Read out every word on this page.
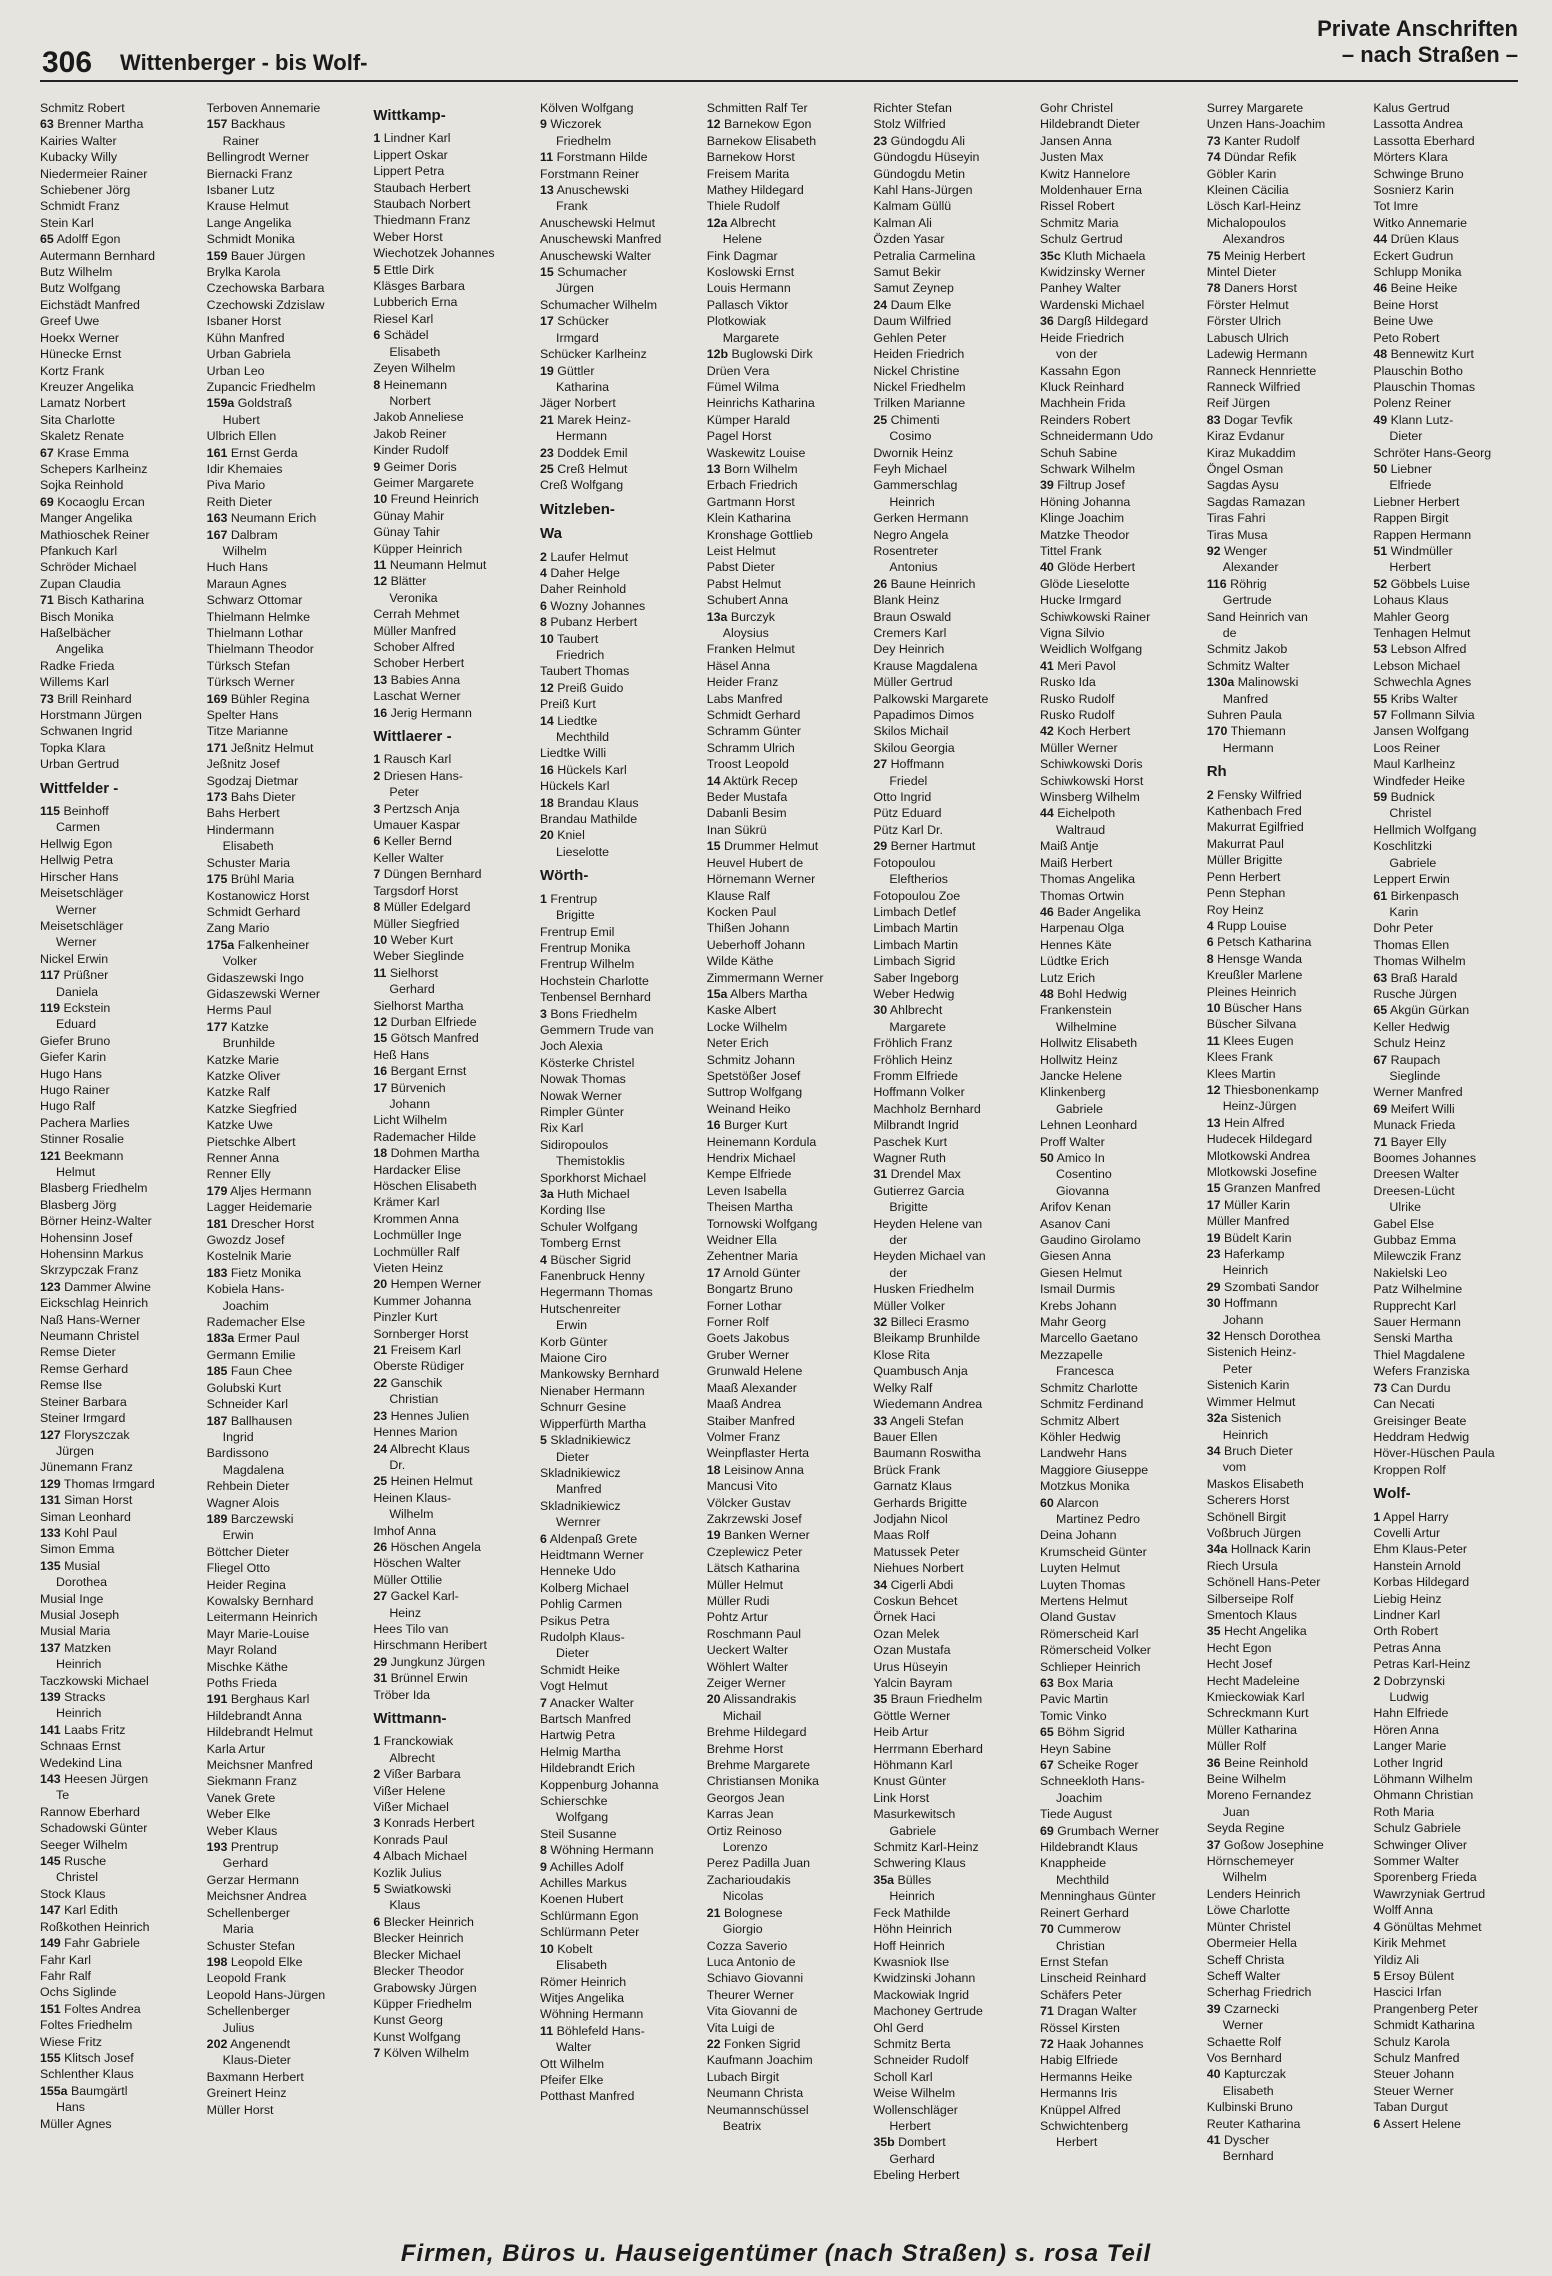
306 Wittenberger - bis Wolf-
Private Anschriften
– nach Straßen –
Schmitz Robert
63 Brenner Martha
Kairies Walter
Kubacky Willy
Niedermeier Rainer
Schiebener Jörg
Schmidt Franz
Stein Karl
65 Adolff Egon
Autermann Bernhard
Butz Wilhelm
Butz Wolfgang
Eichstädt Manfred
Greef Uwe
Hoekx Werner
Hünecke Ernst
Kortz Frank
Kreuzer Angelika
Lamatz Norbert
Sita Charlotte
Skaletz Renate
67 Krase Emma
Schepers Karlheinz
Sojka Reinhold
69 Kocaoglu Ercan
Manger Angelika
Mathioschek Reiner
Pfankuch Karl
Schröder Michael
Zupan Claudia
71 Bisch Katharina
Bisch Monika
Haßelbächer
Angelika
Radke Frieda
Willems Karl
73 Brill Reinhard
Horstmann Jürgen
Schwanen Ingrid
Topka Klara
Urban Gertrud
Wittfelder -
115 Beinhoff
Carmen
Hellwig Egon
Hellwig Petra
Hirscher Hans
Meisetschläger
Werner
Meisetschläger
Werner
Nickel Erwin
117 Prüßner
Daniela
119 Eckstein
Eduard
Giefer Bruno
Giefer Karin
Hugo Hans
Hugo Rainer
Hugo Ralf
Pachera Marlies
Stinner Rosalie
121 Beekmann
Helmut
Blasberg Friedhelm
Blasberg Jörg
Börner Heinz-Walter
Hohensinn Josef
Hohensinn Markus
Skrzypczak Franz
123 Dammer Alwine
Eickschlag Heinrich
Naß Hans-Werner
Neumann Christel
Remse Dieter
Remse Gerhard
Remse Ilse
Steiner Barbara
Steiner Irmgard
127 Floryszczak
Jürgen
Jünemann Franz
129 Thomas Irmgard
131 Siman Horst
Siman Leonhard
133 Kohl Paul
Simon Emma
135 Musial
Dorothea
Musial Inge
Musial Joseph
Musial Maria
137 Matzken
Heinrich
Taczkowski Michael
139 Stracks
Heinrich
141 Laabs Fritz
Schnaas Ernst
Wedekind Lina
143 Heesen Jürgen
Te
Rannow Eberhard
Schadowski Günter
Seeger Wilhelm
145 Rusche
Christel
Stock Klaus
147 Karl Edith
Roßkothen Heinrich
149 Fahr Gabriele
Fahr Karl
Fahr Ralf
Ochs Siglinde
151 Foltes Andrea
Foltes Friedhelm
Wiese Fritz
155 Klitsch Josef
Schlenther Klaus
155a Baumgärtl
Hans
Müller Agnes
Terboven Annemarie
157 Backhaus
Rainer
Bellingrodt Werner
Biernacki Franz
Isbaner Lutz
Krause Helmut
Lange Angelika
Schmidt Monika
159 Bauer Jürgen
Brylka Karola
Czechowska Barbara
Czechowski Zdzislaw
Isbaner Horst
Kühn Manfred
Urban Gabriela
Urban Leo
Zupancic Friedhelm
159a Goldstraß
Hubert
Ulbrich Ellen
161 Ernst Gerda
Idir Khemaies
Piva Mario
Reith Dieter
163 Neumann Erich
167 Dalbram
Wilhelm
Huch Hans
Maraun Agnes
Schwarz Ottomar
Thielmann Helmke
Thielmann Lothar
Thielmann Theodor
Türksch Stefan
Türksch Werner
169 Bühler Regina
Spelter Hans
Titze Marianne
171 Jeßnitz Helmut
Jeßnitz Josef
Sgodzaj Dietmar
173 Bahs Dieter
Bahs Herbert
Hindermann
Elisabeth
Schuster Maria
175 Brühl Maria
Kostanowicz Horst
Schmidt Gerhard
Zang Mario
175a Falkenheiner
Volker
Gidaszewski Ingo
Gidaszewski Werner
Herms Paul
177 Katzke
Brunhilde
Katzke Marie
Katzke Oliver
Katzke Ralf
Katzke Siegfried
Katzke Uwe
Pietschke Albert
Renner Anna
Renner Elly
179 Aljes Hermann
Lagger Heidemarie
181 Drescher Horst
Gwozdz Josef
Kostelnik Marie
183 Fietz Monika
Kobiela Hans-
Joachim
Rademacher Else
183a Ermer Paul
Germann Emilie
185 Faun Chee
Golubski Kurt
Schneider Karl
187 Ballhausen
Ingrid
Bardissono
Magdalena
Rehbein Dieter
Wagner Alois
189 Barczewski
Erwin
Böttcher Dieter
Fliegel Otto
Heider Regina
Kowalsky Bernhard
Leitermann Heinrich
Mayr Marie-Louise
Mayr Roland
Mischke Käthe
Poths Frieda
191 Berghaus Karl
Hildebrandt Anna
Hildebrandt Helmut
Karla Artur
Meichsner Manfred
Siekmann Franz
Vanek Grete
Weber Elke
Weber Klaus
193 Prentrup
Gerhard
Gerzar Hermann
Meichsner Andrea
Schellenberger
Maria
Schuster Stefan
198 Leopold Elke
Leopold Frank
Leopold Hans-Jürgen
Schellenberger
Julius
202 Angenendt
Klaus-Dieter
Baxmann Herbert
Greinert Heinz
Müller Horst
Wittkamp-
1 Lindner Karl
Lippert Oskar
Lippert Petra
Staubach Herbert
Staubach Norbert
Thiedmann Franz
Weber Horst
Wiechotzek Johannes
5 Ettle Dirk
Kläsges Barbara
Lubberich Erna
Riesel Karl
6 Schädel
Elisabeth
Zeyen Wilhelm
8 Heinemann
Norbert
Jakob Anneliese
Jakob Reiner
Kinder Rudolf
9 Geimer Doris
Geimer Margarete
10 Freund Heinrich
Günay Mahir
Günay Tahir
Küpper Heinrich
11 Neumann Helmut
12 Blätter
Veronika
Cerrah Mehmet
Müller Manfred
Schober Alfred
Schober Herbert
13 Babies Anna
Laschat Werner
16 Jerig Hermann
Wittlaerer -
1 Rausch Karl
2 Driesen Hans-
Peter
3 Pertzsch Anja
Umauer Kaspar
6 Keller Bernd
Keller Walter
7 Düngen Bernhard
Targsdorf Horst
8 Müller Edelgard
Müller Siegfried
10 Weber Kurt
Weber Sieglinde
11 Sielhorst
Gerhard
Sielhorst Martha
12 Durban Elfriede
15 Götsch Manfred
Heß Hans
16 Bergant Ernst
17 Bürvenich
Johann
Licht Wilhelm
Rademacher Hilde
18 Dohmen Martha
Hardacker Elise
Höschen Elisabeth
Krämer Karl
Krommen Anna
Lochmüller Inge
Lochmüller Ralf
Vieten Heinz
20 Hempen Werner
Kummer Johanna
Pinzler Kurt
Sornberger Horst
21 Freisem Karl
Oberste Rüdiger
22 Ganschik
Christian
23 Hennes Julien
Hennes Marion
24 Albrecht Klaus
Dr.
25 Heinen Helmut
Heinen Klaus-
Wilhelm
Imhof Anna
26 Höschen Angela
Höschen Walter
Müller Ottilie
27 Gackel Karl-
Heinz
Hees Tilo van
Hirschmann Heribert
29 Jungkunz Jürgen
31 Brünnel Erwin
Tröber Ida
Wittmann-
1 Franckowiak
Albrecht
2 Vißer Barbara
Vißer Helene
Vißer Michael
3 Konrads Herbert
Konrads Paul
4 Albach Michael
Kozlik Julius
5 Swiatkowski
Klaus
6 Blecker Heinrich
Blecker Heinrich
Blecker Michael
Blecker Theodor
Grabowsky Jürgen
Küpper Friedhelm
Kunst Georg
Kunst Wolfgang
7 Kölven Wilhelm
Kölven Wolfgang
9 Wiczorek
Friedhelm
11 Forstmann Hilde
Forstmann Reiner
13 Anuschewski
Frank
Anuschewski Helmut
Anuschewski Manfred
Anuschewski Walter
15 Schumacher
Jürgen
Schumacher Wilhelm
17 Schücker
Irmgard
Schücker Karlheinz
19 Güttler
Katharina
Jäger Norbert
21 Marek Heinz-
Hermann
23 Doddek Emil
25 Creß Helmut
Creß Wolfgang
Witzleben-
Wa
2 Laufer Helmut
4 Daher Helge
Daher Reinhold
6 Wozny Johannes
8 Pubanz Herbert
10 Taubert
Friedrich
Taubert Thomas
12 Preiß Guido
Preiß Kurt
14 Liedtke
Mechthild
Liedtke Willi
16 Hückels Karl
Hückels Karl
18 Brandau Klaus
Brandau Mathilde
20 Kniel
Lieselotte
Wörth-
1 Frentrup
Brigitte
Frentrup Emil
Frentrup Monika
Frentrup Wilhelm
Hochstein Charlotte
Tenbensel Bernhard
3 Bons Friedhelm
Gemmern Trude van
Joch Alexia
Kösterke Christel
Nowak Thomas
Nowak Werner
Rimpler Günter
Rix Karl
Sidiropoulos
Themistoklis
Sporkhorst Michael
3a Huth Michael
Kording Ilse
Schuler Wolfgang
Tomberg Ernst
4 Büscher Sigrid
Fanenbruck Henny
Hegermann Thomas
Hutschenreiter
Erwin
Korb Günter
Maione Ciro
Mankowsky Bernhard
Nienaber Hermann
Schnurr Gesine
Wipperfürth Martha
5 Skladnikiewicz
Dieter
Skladnikiewicz
Manfred
Skladnikiewicz
Wernrer
6 Aldenpaß Grete
Heidtmann Werner
Henneke Udo
Kolberg Michael
Pohlig Carmen
Psikus Petra
Rudolph Klaus-
Dieter
Schmidt Heike
Vogt Helmut
7 Anacker Walter
Bartsch Manfred
Hartwig Petra
Helmig Martha
Hildebrandt Erich
Koppenburg Johanna
Schierschke
Wolfgang
Steil Susanne
8 Wöhning Hermann
9 Achilles Adolf
Achilles Markus
Koenen Hubert
Schlürmann Egon
Schlürmann Peter
10 Kobelt
Elisabeth
Römer Heinrich
Witjes Angelika
Wöhning Hermann
11 Böhlefeld Hans-
Walter
Ott Wilhelm
Pfeifer Elke
Potthast Manfred
Schmitten Ralf Ter
12 Barnekow Egon
Barnekow Elisabeth
Barnekow Horst
Freisem Marita
Mathey Hildegard
Thiele Rudolf
12a Albrecht
Helene
Fink Dagmar
Koslowski Ernst
Louis Hermann
Pallasch Viktor
Plotkowiak
Margarete
12b Buglowski Dirk
Drüen Vera
Fümel Wilma
Heinrichs Katharina
Kümper Harald
Pagel Horst
Waskewitz Louise
13 Born Wilhelm
Erbach Friedrich
Gartmann Horst
Klein Katharina
Kronshage Gottlieb
Leist Helmut
Pabst Dieter
Pabst Helmut
Schubert Anna
13a Burczyk
Aloysius
Franken Helmut
Häsel Anna
Heider Franz
Labs Manfred
Schmidt Gerhard
Schramm Günter
Schramm Ulrich
Troost Leopold
14 Aktürk Recep
Beder Mustafa
Dabanli Besim
Inan Sükrü
15 Drummer Helmut
Heuvel Hubert de
Hörnemann Werner
Klause Ralf
Kocken Paul
Thißen Johann
Ueberhoff Johann
Wilde Käthe
Zimmermann Werner
15a Albers Martha
Kaske Albert
Locke Wilhelm
Neter Erich
Schmitz Johann
Spetstößer Josef
Suttrop Wolfgang
Weinand Heiko
16 Burger Kurt
Heinemann Kordula
Hendrix Michael
Kempe Elfriede
Leven Isabella
Theisen Martha
Tornowski Wolfgang
Weidner Ella
Zehentner Maria
17 Arnold Günter
Bongartz Bruno
Forner Lothar
Forner Rolf
Goets Jakobus
Gruber Werner
Grunwald Helene
Maaß Alexander
Maaß Andrea
Staiber Manfred
Volmer Franz
Weinpflaster Herta
18 Leisinow Anna
Mancusi Vito
Völcker Gustav
Zakrzewski Josef
19 Banken Werner
Czeplewicz Peter
Lätsch Katharina
Müller Helmut
Müller Rudi
Pohtz Artur
Roschmann Paul
Ueckert Walter
Wöhlert Walter
Zeiger Werner
20 Alissandrakis
Michail
Brehme Hildegard
Brehme Horst
Brehme Margarete
Christiansen Monika
Georgos Jean
Karras Jean
Ortiz Reinoso
Lorenzo
Perez Padilla Juan
Zacharioudakis
Nicolas
21 Bolognese
Giorgio
Cozza Saverio
Luca Antonio de
Schiavo Giovanni
Theurer Werner
Vita Giovanni de
Vita Luigi de
22 Fonken Sigrid
Kaufmann Joachim
Lubach Birgit
Neumann Christa
Neumannschüssel
Beatrix
Richter Stefan
Stolz Wilfried
23 Gündogdu Ali
Gündogdu Hüseyin
Gündogdu Metin
Kahl Hans-Jürgen
Kalmam Güllü
Kalman Ali
Özden Yasar
Petralia Carmelina
Samut Bekir
Samut Zeynep
24 Daum Elke
Daum Wilfried
Gehlen Peter
Heiden Friedrich
Nickel Christine
Nickel Friedhelm
Trilken Marianne
25 Chimenti
Cosimo
Dwornik Heinz
Feyh Michael
Gammerschlag
Heinrich
Gerken Hermann
Negro Angela
Rosentreter
Antonius
26 Baune Heinrich
Blank Heinz
Braun Oswald
Cremers Karl
Dey Heinrich
Krause Magdalena
Müller Gertrud
Palkowski Margarete
Papadimos Dimos
Skilos Michail
Skilou Georgia
27 Hoffmann
Friedel
Otto Ingrid
Pütz Eduard
Pütz Karl Dr.
29 Berner Hartmut
Fotopoulou
Eleftherios
Fotopoulou Zoe
Limbach Detlef
Limbach Martin
Limbach Martin
Limbach Sigrid
Saber Ingeborg
Weber Hedwig
30 Ahlbrecht
Margarete
Fröhlich Franz
Fröhlich Heinz
Fromm Elfriede
Hoffmann Volker
Machholz Bernhard
Milbrandt Ingrid
Paschek Kurt
Wagner Ruth
31 Drendel Max
Gutierrez Garcia
Brigitte
Heyden Helene van
der
Heyden Michael van
der
Husken Friedhelm
Müller Volker
32 Billeci Erasmo
Bleikamp Brunhilde
Klose Rita
Quambusch Anja
Welky Ralf
Wiedemann Andrea
33 Angeli Stefan
Bauer Ellen
Baumann Roswitha
Brück Frank
Garnatz Klaus
Gerhards Brigitte
Jodjahn Nicol
Maas Rolf
Matussek Peter
Niehues Norbert
34 Cigerli Abdi
Coskun Behcet
Örnek Haci
Ozan Melek
Ozan Mustafa
Urus Hüseyin
Yalcin Bayram
35 Braun Friedhelm
Göttle Werner
Heib Artur
Herrmann Eberhard
Höhmann Karl
Knust Günter
Link Horst
Masurkewitsch
Gabriele
Schmitz Karl-Heinz
Schwering Klaus
35a Bülles
Heinrich
Feck Mathilde
Höhn Heinrich
Hoff Heinrich
Kwasniok Ilse
Kwidzinski Johann
Mackowiak Ingrid
Machoney Gertrude
Ohl Gerd
Schmitz Berta
Schneider Rudolf
Scholl Karl
Weise Wilhelm
Wollenschläger
Herbert
35b Dombert
Gerhard
Ebeling Herbert
Gohr Christel
Hildebrandt Dieter
Jansen Anna
Justen Max
Kwitz Hannelore
Moldenhauer Erna
Rissel Robert
Schmitz Maria
Schulz Gertrud
35c Kluth Michaela
Kwidzinsky Werner
Panhey Walter
Wardenski Michael
36 Dargß Hildegard
Heide Friedrich
von der
Kassahn Egon
Kluck Reinhard
Machhein Frida
Reinders Robert
Schneidermann Udo
Schuh Sabine
Schwark Wilhelm
39 Filtrup Josef
Höning Johanna
Klinge Joachim
Matzke Theodor
Tittel Frank
40 Glöde Herbert
Glöde Lieselotte
Hucke Irmgard
Schiwkowski Rainer
Vigna Silvio
Weidlich Wolfgang
41 Meri Pavol
Rusko Ida
Rusko Rudolf
Rusko Rudolf
42 Koch Herbert
Müller Werner
Schiwkowski Doris
Schiwkowski Horst
Winsberg Wilhelm
44 Eichelpoth
Waltraud
Maiß Antje
Maiß Herbert
Thomas Angelika
Thomas Ortwin
46 Bader Angelika
Harpenau Olga
Hennes Käte
Lüdtke Erich
Lutz Erich
48 Bohl Hedwig
Frankenstein
Wilhelmine
Hollwitz Elisabeth
Hollwitz Heinz
Jancke Helene
Klinkenberg
Gabriele
Lehnen Leonhard
Proff Walter
50 Amico In
Cosentino
Giovanna
Arifov Kenan
Asanov Cani
Gaudino Girolamo
Giesen Anna
Giesen Helmut
Ismail Durmis
Krebs Johann
Mahr Georg
Marcello Gaetano
Mezzapelle
Francesca
Schmitz Charlotte
Schmitz Ferdinand
Schmitz Albert
Köhler Hedwig
Landwehr Hans
Maggiore Giuseppe
Motzkus Monika
60 Alarcon
Martinez Pedro
Deina Johann
Krumscheid Günter
Luyten Helmut
Luyten Thomas
Mertens Helmut
Oland Gustav
Römerscheid Karl
Römerscheid Volker
Schlieper Heinrich
63 Box Maria
Pavic Martin
Tomic Vinko
65 Böhm Sigrid
Heyn Sabine
67 Scheike Roger
Schneekloth Hans-
Joachim
Tiede August
69 Grumbach Werner
Hildebrandt Klaus
Knappheide
Mechthild
Menninghaus Günter
Reinert Gerhard
70 Cummerow
Christian
Ernst Stefan
Linscheid Reinhard
Schäfers Peter
71 Dragan Walter
Rössel Kirsten
72 Haak Johannes
Habig Elfriede
Hermanns Heike
Hermanns Iris
Knüppel Alfred
Schwichtenberg
Herbert
Surrey Margarete
Unzen Hans-Joachim
73 Kanter Rudolf
74 Dündar Refik
Göbler Karin
Kleinen Cäcilia
Lösch Karl-Heinz
Michalopoulos
Alexandros
75 Meinig Herbert
Mintel Dieter
78 Daners Horst
Förster Helmut
Förster Ulrich
Labusch Ulrich
Ladewig Hermann
Ranneck Hennriette
Ranneck Wilfried
Reif Jürgen
83 Dogar Tevfik
Kiraz Evdanur
Kiraz Mukaddim
Öngel Osman
Sagdas Aysu
Sagdas Ramazan
Tiras Fahri
Tiras Musa
92 Wenger
Alexander
116 Röhrig
Gertrude
Sand Heinrich van
de
Schmitz Jakob
Schmitz Walter
130a Malinowski
Manfred
Suhren Paula
170 Thiemann
Hermann
Rh
2 Fensky Wilfried
Kathenbach Fred
Makurrat Egilfried
Makurrat Paul
Müller Brigitte
Penn Herbert
Penn Stephan
Roy Heinz
4 Rupp Louise
6 Petsch Katharina
8 Hensge Wanda
Kreußler Marlene
Pleines Heinrich
10 Büscher Hans
Büscher Silvana
11 Klees Eugen
Klees Frank
Klees Martin
12 Thiesbonenkamp
Heinz-Jürgen
13 Hein Alfred
Hudecek Hildegard
Mlotkowski Andrea
Mlotkowski Josefine
15 Granzen Manfred
17 Müller Karin
Müller Manfred
19 Büdelt Karin
23 Haferkamp
Heinrich
29 Szombati Sandor
30 Hoffmann
Johann
32 Hensch Dorothea
Sistenich Heinz-
Peter
Sistenich Karin
Wimmer Helmut
32a Sistenich
Heinrich
34 Bruch Dieter
vom
Maskos Elisabeth
Scherers Horst
Schönell Birgit
Voßbruch Jürgen
34a Hollnack Karin
Riech Ursula
Schönell Hans-Peter
Silberseipe Rolf
Smentoch Klaus
35 Hecht Angelika
Hecht Egon
Hecht Josef
Hecht Madeleine
Kmieckowiak Karl
Schreckmann Kurt
Müller Katharina
Müller Rolf
36 Beine Reinhold
Beine Wilhelm
Moreno Fernandez
Juan
Seyda Regine
37 Goßow Josephine
Hörnschemeyer
Wilhelm
Lenders Heinrich
Löwe Charlotte
Münter Christel
Obermeier Hella
Scheff Christa
Scheff Walter
Scherhag Friedrich
39 Czarnecki
Werner
Schaette Rolf
Vos Bernhard
40 Kapturczak
Elisabeth
Kulbinski Bruno
Reuter Katharina
41 Dyscher
Bernhard
Kalus Gertrud
Lassotta Andrea
Lassotta Eberhard
Mörters Klara
Schwinge Bruno
Sosnierz Karin
Tot Imre
Witko Annemarie
44 Drüen Klaus
Eckert Gudrun
Schlupp Monika
46 Beine Heike
Beine Horst
Beine Uwe
Peto Robert
48 Bennewitz Kurt
Plauschin Botho
Plauschin Thomas
Polenz Reiner
49 Klann Lutz-
Dieter
Schröter Hans-Georg
50 Liebner
Elfriede
Liebner Herbert
Rappen Birgit
Rappen Hermann
51 Windmüller
Herbert
52 Göbbels Luise
Lohaus Klaus
Mahler Georg
Tenhagen Helmut
53 Lebson Alfred
Lebson Michael
Schwechla Agnes
55 Kribs Walter
57 Follmann Silvia
Jansen Wolfgang
Loos Reiner
Maul Karlheinz
Windfeder Heike
59 Budnick
Christel
Hellmich Wolfgang
Koschlitzki
Gabriele
Leppert Erwin
61 Birkenpasch
Karin
Dohr Peter
Thomas Ellen
Thomas Wilhelm
63 Braß Harald
Rusche Jürgen
65 Akgün Gürkan
Keller Hedwig
Schulz Heinz
67 Raupach
Sieglinde
Werner Manfred
69 Meifert Willi
Munack Frieda
71 Bayer Elly
Boomes Johannes
Dreesen Walter
Dreesen-Lücht
Ulrike
Gabel Else
Gubbaz Emma
Milewczik Franz
Nakielski Leo
Patz Wilhelmine
Rupprecht Karl
Sauer Hermann
Senski Martha
Thiel Magdalene
Wefers Franziska
73 Can Durdu
Can Necati
Greisinger Beate
Heddram Hedwig
Höver-Hüschen Paula
Kroppen Rolf
Wolf-
1 Appel Harry
Covelli Artur
Ehm Klaus-Peter
Hanstein Arnold
Korbas Hildegard
Liebig Heinz
Lindner Karl
Orth Robert
Petras Anna
Petras Karl-Heinz
2 Dobrzynski
Ludwig
Hahn Elfriede
Hören Anna
Langer Marie
Lother Ingrid
Löhmann Wilhelm
Ohmann Christian
Roth Maria
Schulz Gabriele
Schwinger Oliver
Sommer Walter
Sporenberg Frieda
Wawrzyniak Gertrud
Wolff Anna
4 Gönültas Mehmet
Kirik Mehmet
Yildiz Ali
5 Ersoy Bülent
Hascici Irfan
Prangenberg Peter
Schmidt Katharina
Schulz Karola
Schulz Manfred
Steuer Johann
Steuer Werner
Taban Durgut
6 Assert Helene
Firmen, Büros u. Hauseigentümer (nach Straßen) s. rosa Teil
